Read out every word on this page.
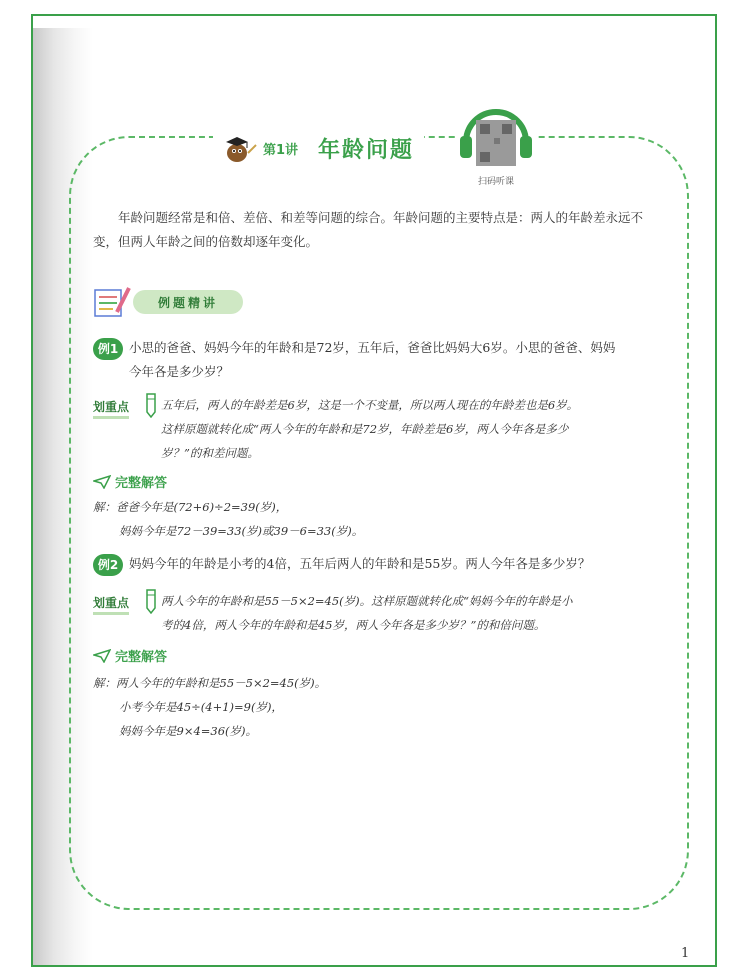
第1讲 年龄问题
扫码听课
年龄问题经常是和倍、差倍、和差等问题的综合。年龄问题的主要特点是：两人的年龄差永远不变，但两人年龄之间的倍数却逐年变化。
例题精讲
例1 小思的爸爸、妈妈今年的年龄和是72岁，五年后，爸爸比妈妈大6岁。小思的爸爸、妈妈
今年各是多少岁？
划重点	五年后，两人的年龄差是6岁，这是一个不变量，所以两人现在的年龄差也是6岁。
这样原题就转化成“两人今年的年龄和是72岁，年龄差是6岁，两人今年各是多少
岁？”的和差问题。
完整解答
解：爸爸今年是(72+6)÷2=39(岁)，
妈妈今年是72－39=33(岁)或39－6=33(岁)。
例2 妈妈今年的年龄是小考的4倍，五年后两人的年龄和是55岁。两人今年各是多少岁？
划重点	两人今年的年龄和是55－5×2=45(岁)。这样原题就转化成“妈妈今年的年龄是小
考的4倍，两人今年的年龄和是45岁，两人今年各是多少岁？”的和倍问题。
完整解答
解：两人今年的年龄和是55－5×2=45(岁)。
小考今年是45÷(4+1)=9(岁)，
妈妈今年是9×4=36(岁)。
1
